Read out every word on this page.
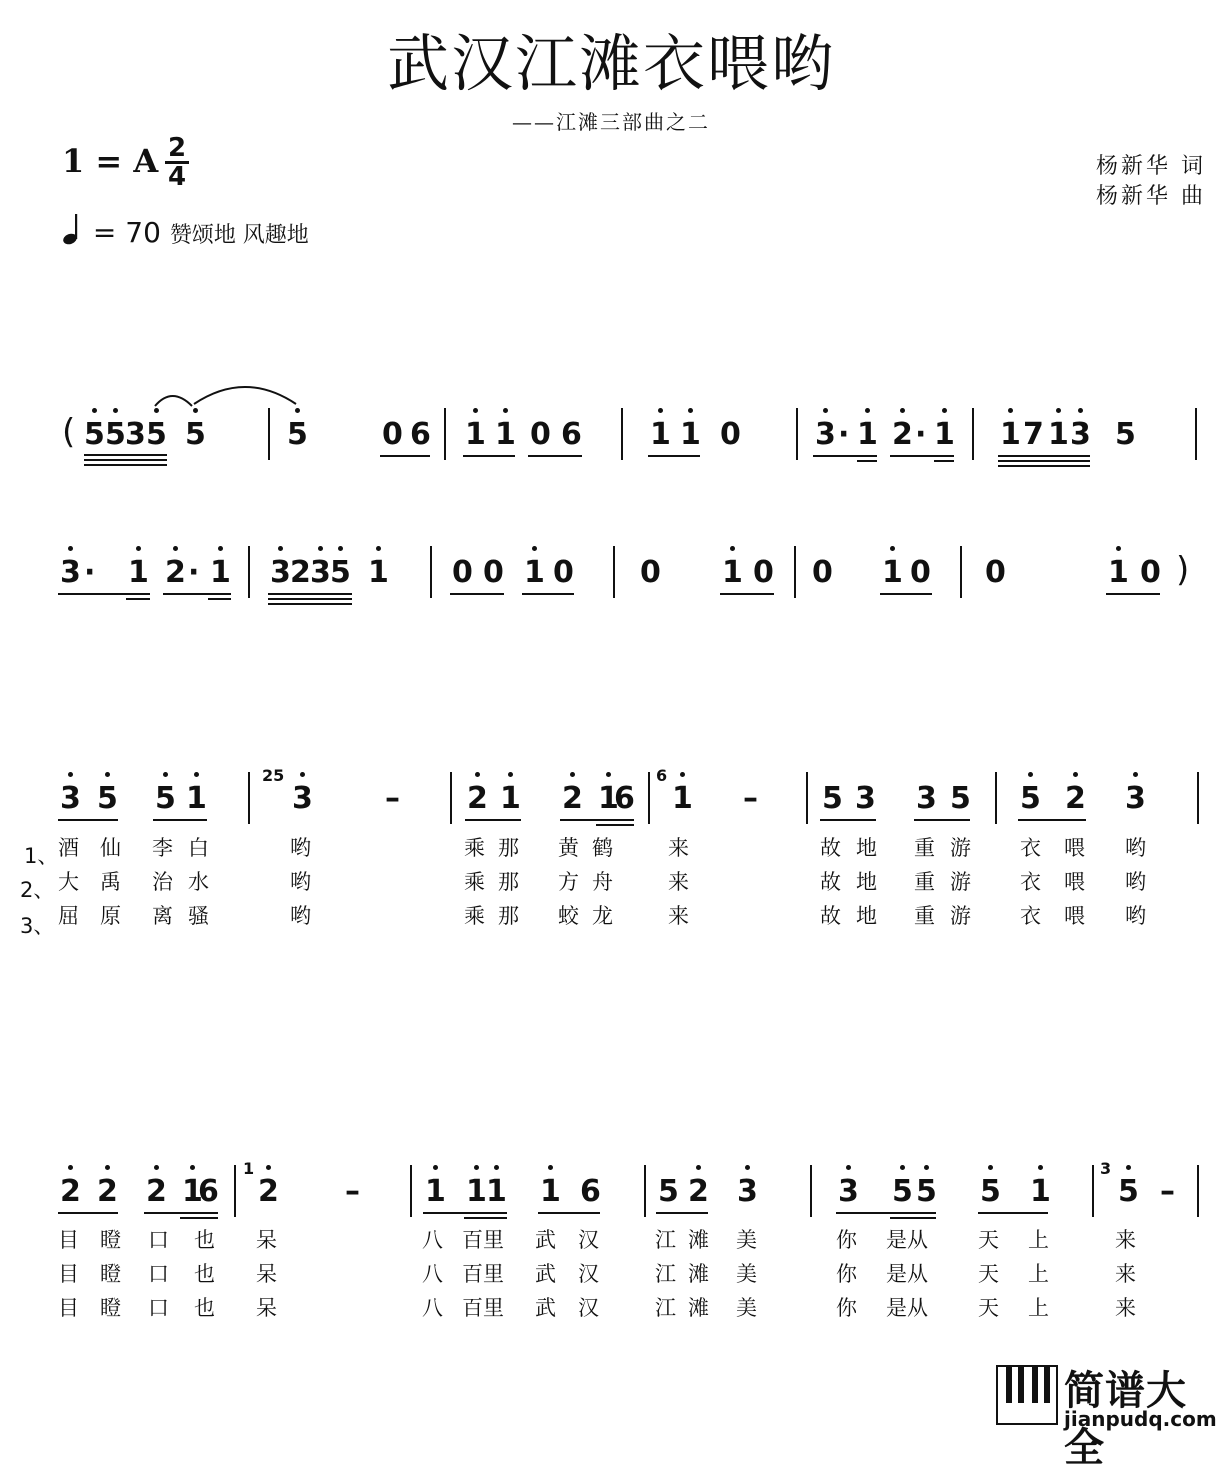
武汉江滩衣喂哟
——江滩三部曲之二
1 = A 2
4
= 70 赞颂地 风趣地
杨新华 词
杨新华 曲
( 5 5 3 5 5	5 0 6 1 1 0 6 1 1 0 3 · 1 2 · 1 1 7 1 3 5
3 · 1 2 · 1 3 2 3 5 1 0 0 1 0 0 1 0 0 1 0 0	1 0 )
3 5 5 1
25
3 – 2 1 2 1
6
6
1 – 5 3 3 5 5 2 3
1、
2、
3、
酒 仙 李 白	哟	乘 那 黄 鹤	来	故 地 重 游 衣 喂 哟
大 禹 治 水	哟	乘 那 方 舟	来	故 地 重 游 衣 喂 哟
屈 原 离 骚	哟	乘 那 蛟 龙	来	故 地 重 游 衣 喂 哟
2 2 2 1
6
1
2 – 1 1 1 1 6 5 2 3	3 5 5 5 1
3
5 –
目 瞪 口 也 呆	八 百里 武 汉	江 滩 美	你 是从 天 上	来
目 瞪 口 也 呆	八 百里 武 汉	江 滩 美	你 是从 天 上	来
目 瞪 口 也 呆	八 百里 武 汉	江 滩 美	你 是从 天 上	来
简谱大全
jianpudq.com
